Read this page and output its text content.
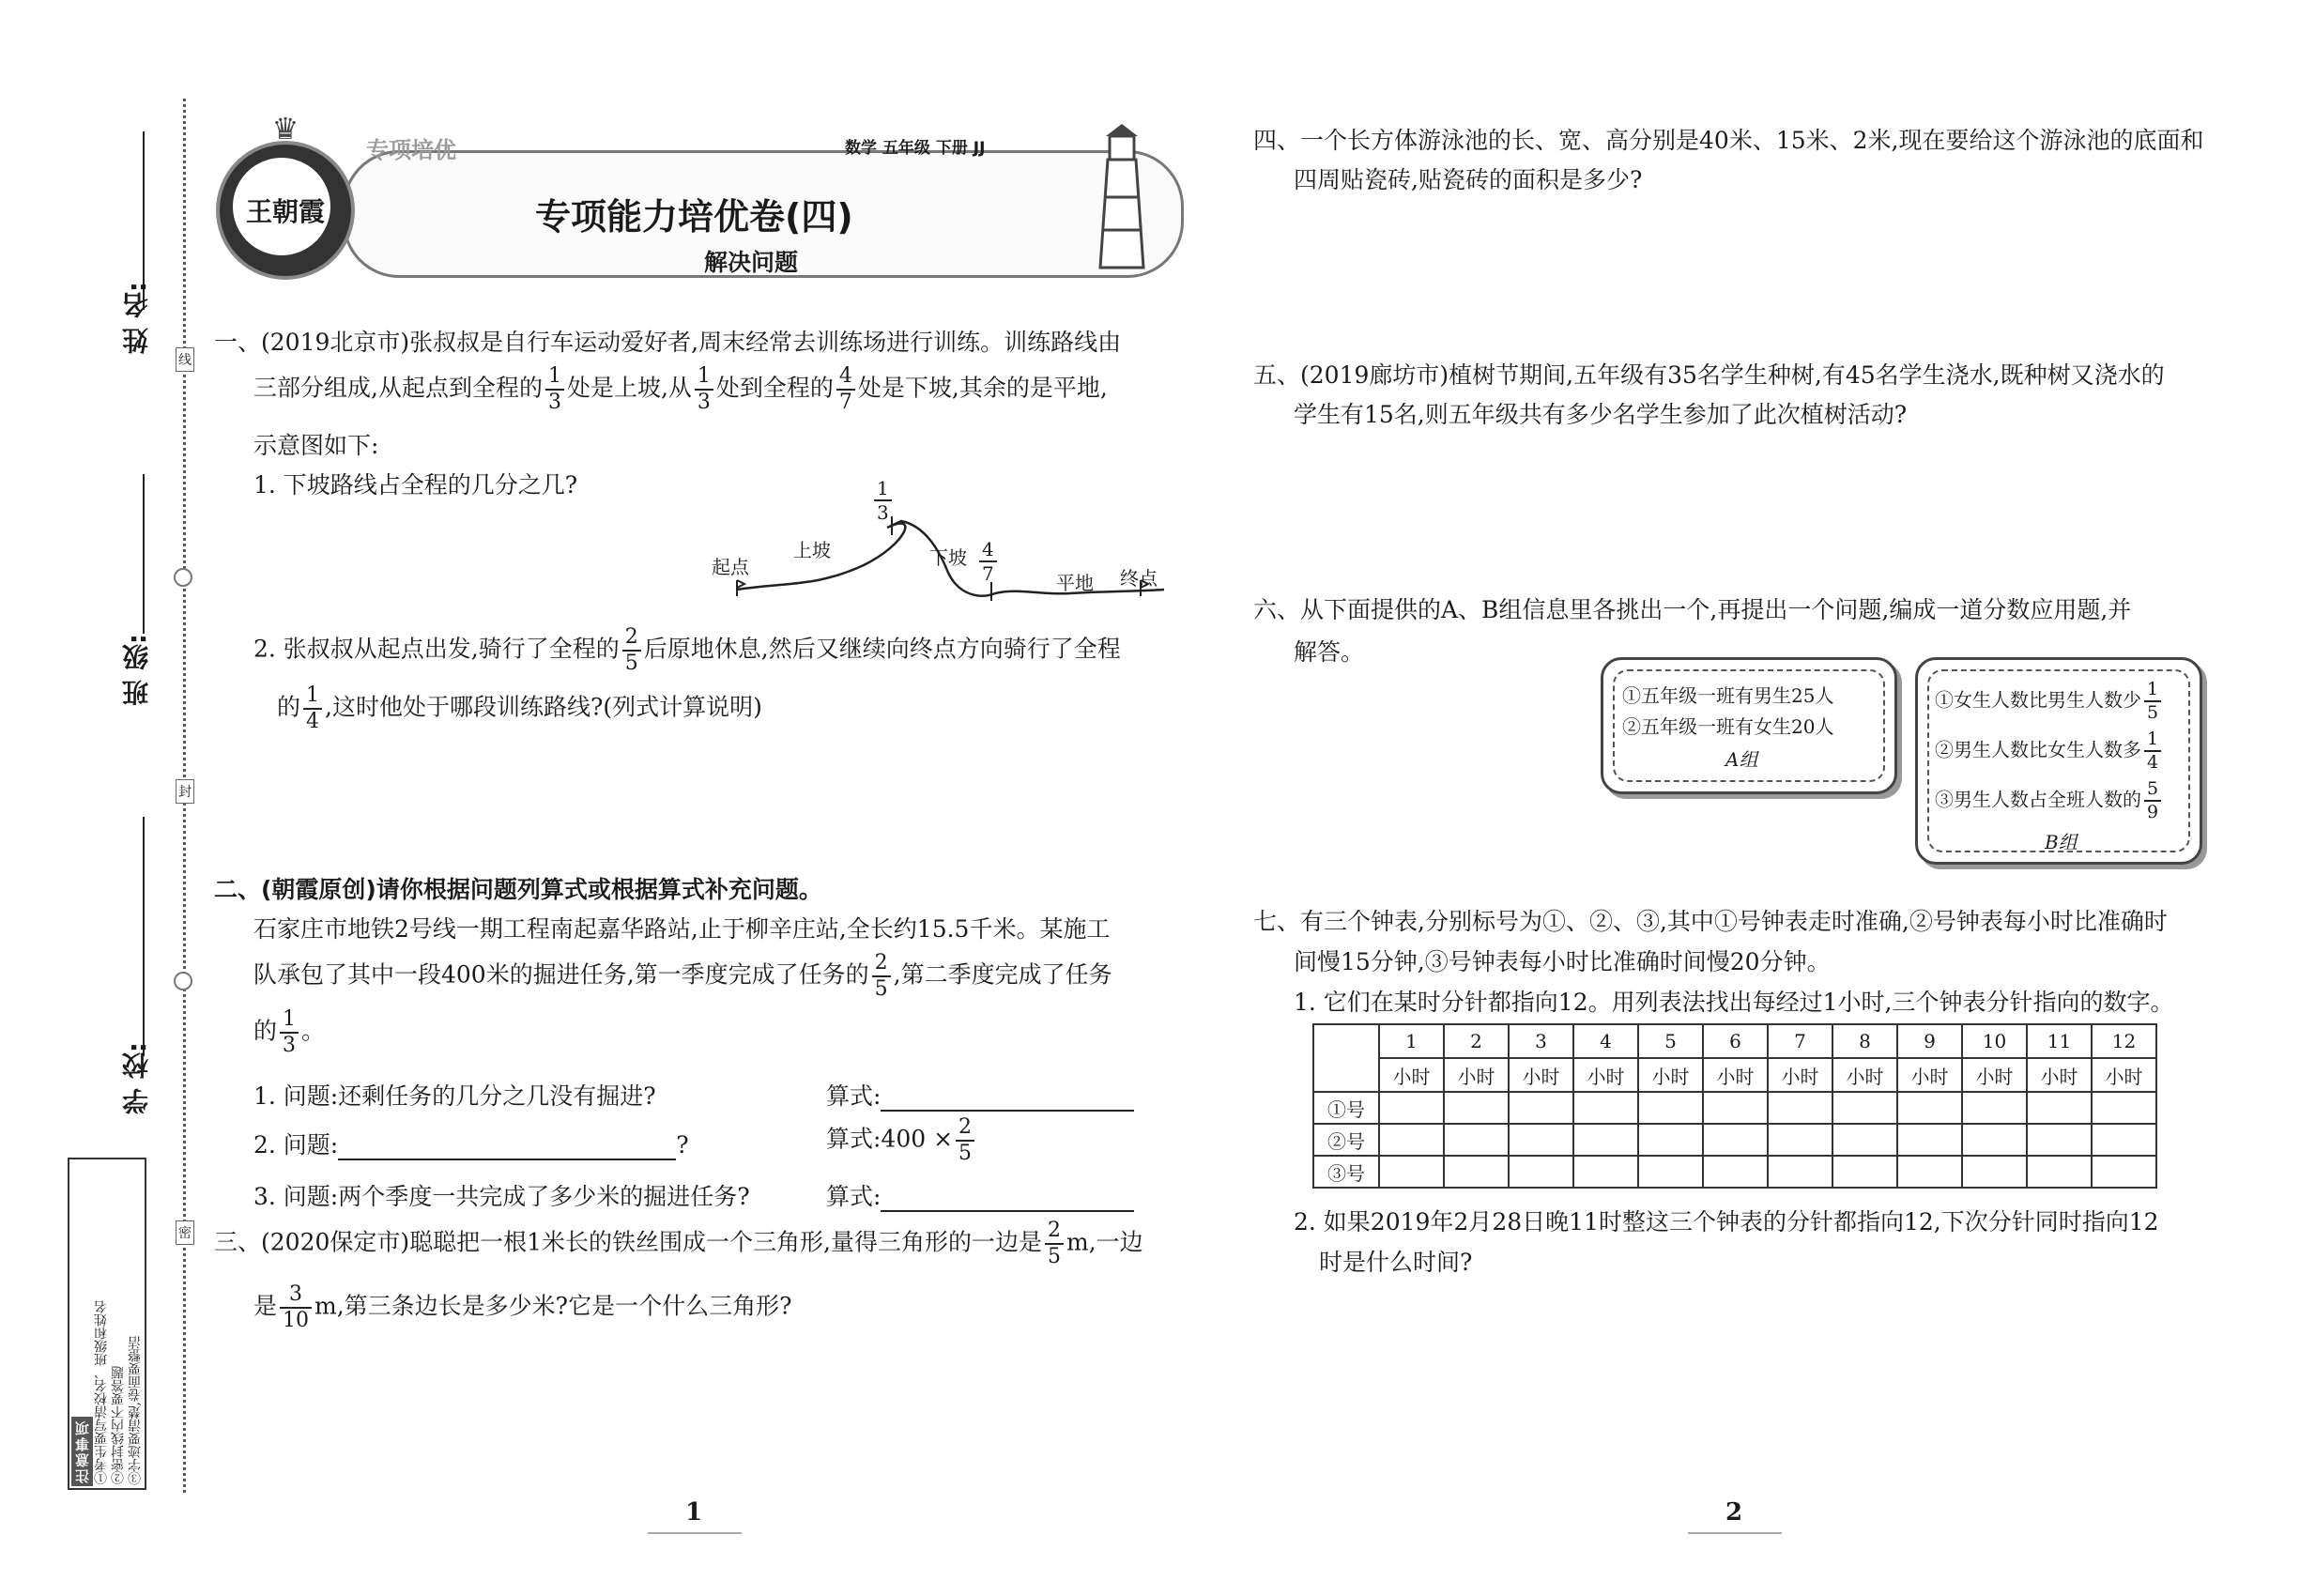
姓 名:
班 级:
学 校:
线
封
密
注意事项 ①考生要写清校名、班级和姓名 ②密封线内不要答题 ③字迹要清楚,卷面要整洁
王朝霞
♛
专项培优	数学 五年级 下册 JJ
专项能力培优卷(四)
解决问题
一、(2019北京市)张叔叔是自行车运动爱好者,周末经常去训练场进行训练。训练路线由
三部分组成,从起点到全程的 $\frac{1}{3}$ 处是上坡,从 $\frac{1}{3}$ 处到全程的 $\frac{4}{7}$ 处是下坡,其余的是平地,
示意图如下:
1. 下坡路线占全程的几分之几?
起点
上坡
$\frac{1}{3}$
下坡 $\frac{4}{7}$	平地 终点
2. 张叔叔从起点出发,骑行了全程的 $\frac{2}{5}$ 后原地休息,然后又继续向终点方向骑行了全程
的 $\frac{1}{4}$ ,这时他处于哪段训练路线?(列式计算说明)
二、(朝霞原创)请你根据问题列算式或根据算式补充问题。
石家庄市地铁2号线一期工程南起嘉华路站,止于柳辛庄站,全长约15.5千米。某施工
队承包了其中一段400米的掘进任务,第一季度完成了任务的 $\frac{2}{5}$ ,第二季度完成了任务
的 $\frac{1}{3}$ 。
1. 问题:还剩任务的几分之几没有掘进?	算式:
2. 问题:	?	算式:400 × $\frac{2}{5}$
3. 问题:两个季度一共完成了多少米的掘进任务?	算式:
三、(2020保定市)聪聪把一根1米长的铁丝围成一个三角形,量得三角形的一边是 $\frac{2}{5} m$,一边
是 $\frac{3}{10} m$,第三条边长是多少米?它是一个什么三角形?
1
四、一个长方体游泳池的长、宽、高分别是40米、15米、2米,现在要给这个游泳池的底面和
四周贴瓷砖,贴瓷砖的面积是多少?
五、(2019廊坊市)植树节期间,五年级有35名学生种树,有45名学生浇水,既种树又浇水的
学生有15名,则五年级共有多少名学生参加了此次植树活动?
六、从下面提供的A、B组信息里各挑出一个,再提出一个问题,编成一道分数应用题,并
解答。
①五年级一班有男生25人
②五年级一班有女生20人
A组
①女生人数比男生人数少 $\frac{1}{5}$
②男生人数比女生人数多 $\frac{1}{4}$
③男生人数占全班人数的 $\frac{5}{9}$
B组
七、有三个钟表,分别标号为①、②、③,其中①号钟表走时准确,②号钟表每小时比准确时
间慢15分钟,③号钟表每小时比准确时间慢20分钟。
1. 它们在某时分针都指向12。用列表法找出每经过1小时,三个钟表分针指向的数字。
	1	2	3	4	5	6	7	8	9	10	11	12
	小时	小时	小时	小时	小时	小时	小时	小时	小时	小时	小时	小时
①号												
②号												
③号												
2. 如果2019年2月28日晚11时整这三个钟表的分针都指向12,下次分针同时指向12
时是什么时间?
2
